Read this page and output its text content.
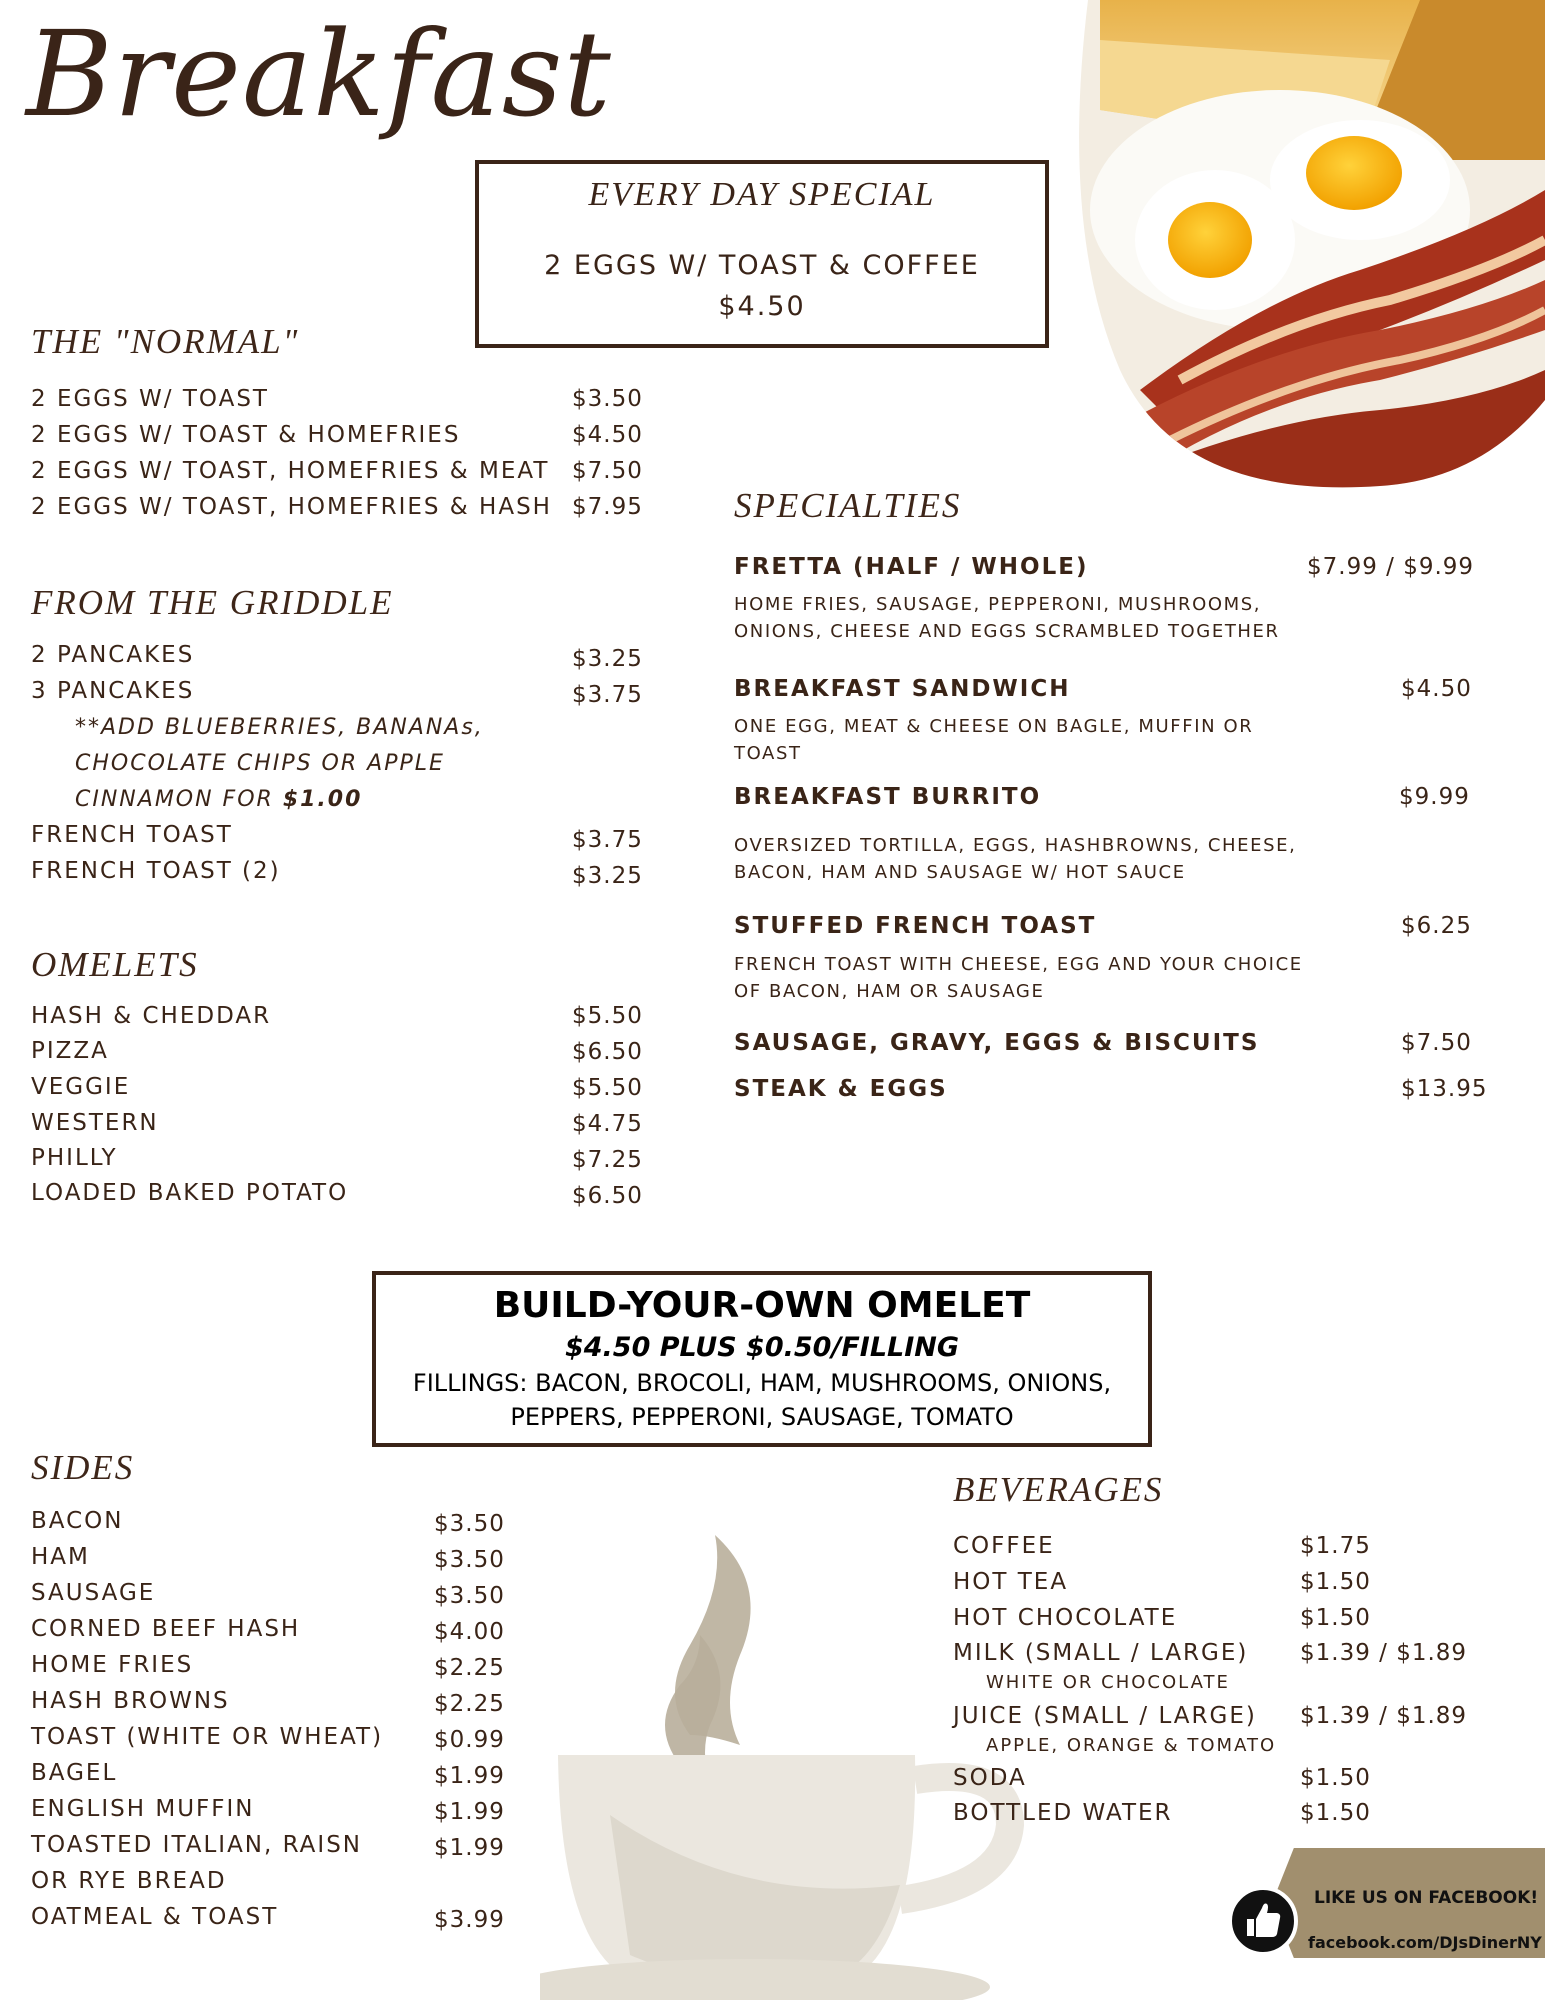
Breakfast
EVERY DAY SPECIAL
2 EGGS W/ TOAST & COFFEE
$4.50
THE "NORMAL"
2 EGGS W/ TOAST	$3.50
2 EGGS W/ TOAST & HOMEFRIES	$4.50
2 EGGS W/ TOAST, HOMEFRIES & MEAT $7.50
2 EGGS W/ TOAST, HOMEFRIES & HASH $7.95
FROM THE GRIDDLE
2 PANCAKES	$3.25
3 PANCAKES	$3.75
**ADD BLUEBERRIES, BANANAs,
CHOCOLATE CHIPS OR APPLE
CINNAMON FOR $1.00
FRENCH TOAST	$3.75
FRENCH TOAST (2)	$3.25
OMELETS
HASH & CHEDDAR	$5.50
PIZZA	$6.50
VEGGIE	$5.50
WESTERN	$4.75
PHILLY	$7.25
LOADED BAKED POTATO	$6.50
SPECIALTIES
FRETTA (HALF / WHOLE)	$7.99 / $9.99
HOME FRIES, SAUSAGE, PEPPERONI, MUSHROOMS,
ONIONS, CHEESE AND EGGS SCRAMBLED TOGETHER
BREAKFAST SANDWICH	$4.50
ONE EGG, MEAT & CHEESE ON BAGLE, MUFFIN OR
TOAST
BREAKFAST BURRITO	$9.99
OVERSIZED TORTILLA, EGGS, HASHBROWNS, CHEESE,
BACON, HAM AND SAUSAGE W/ HOT SAUCE
STUFFED FRENCH TOAST	$6.25
FRENCH TOAST WITH CHEESE, EGG AND YOUR CHOICE
OF BACON, HAM OR SAUSAGE
SAUSAGE, GRAVY, EGGS & BISCUITS	$7.50
STEAK & EGGS	$13.95
BUILD-YOUR-OWN OMELET
$4.50 PLUS $0.50/FILLING
FILLINGS: BACON, BROCOLI, HAM, MUSHROOMS, ONIONS,
PEPPERS, PEPPERONI, SAUSAGE, TOMATO
SIDES
BACON	$3.50
HAM	$3.50
SAUSAGE	$3.50
CORNED BEEF HASH	$4.00
HOME FRIES	$2.25
HASH BROWNS	$2.25
TOAST (WHITE OR WHEAT) $0.99
BAGEL	$1.99
ENGLISH MUFFIN	$1.99
TOASTED ITALIAN, RAISN	$1.99
OR RYE BREAD
OATMEAL & TOAST	$3.99
BEVERAGES
COFFEE	$1.75
HOT TEA	$1.50
HOT CHOCOLATE	$1.50
MILK (SMALL / LARGE) $1.39 / $1.89
WHITE OR CHOCOLATE
JUICE (SMALL / LARGE) $1.39 / $1.89
APPLE, ORANGE & TOMATO
SODA	$1.50
BOTTLED WATER	$1.50
LIKE US ON FACEBOOK!
facebook.com/DJsDinerNY
